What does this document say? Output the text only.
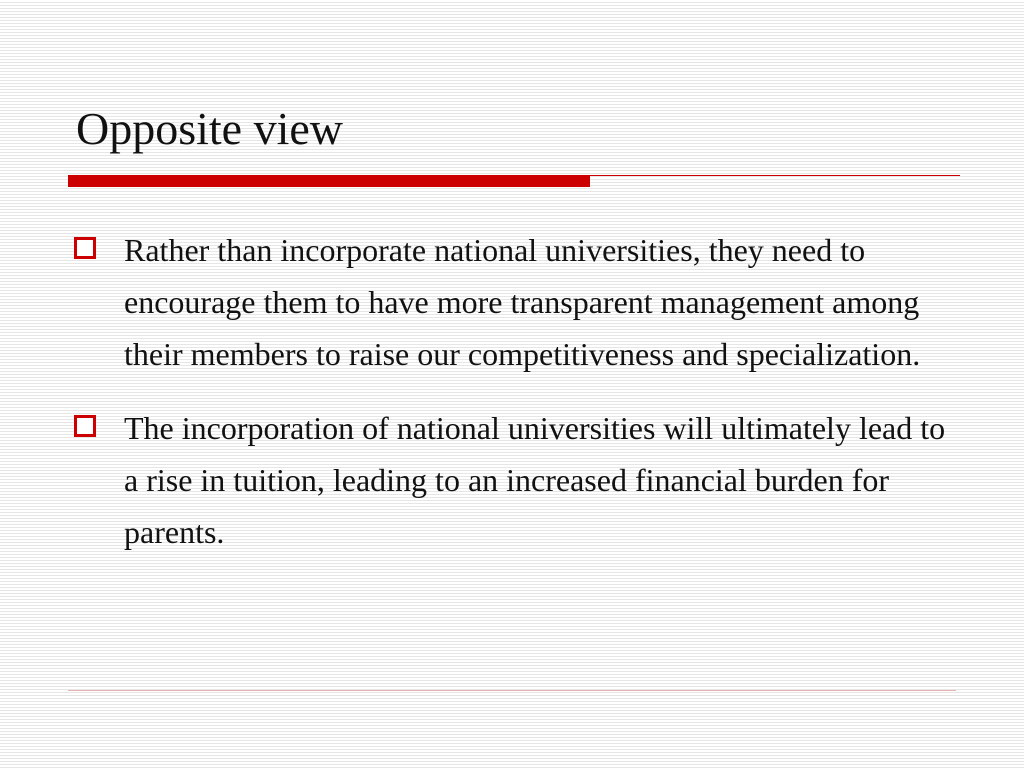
Opposite view
Rather than incorporate national universities, they need to encourage them to have more transparent management among their members to raise our competitiveness and specialization.
The incorporation of national universities will ultimately lead to a rise in tuition, leading to an increased financial burden for parents.
